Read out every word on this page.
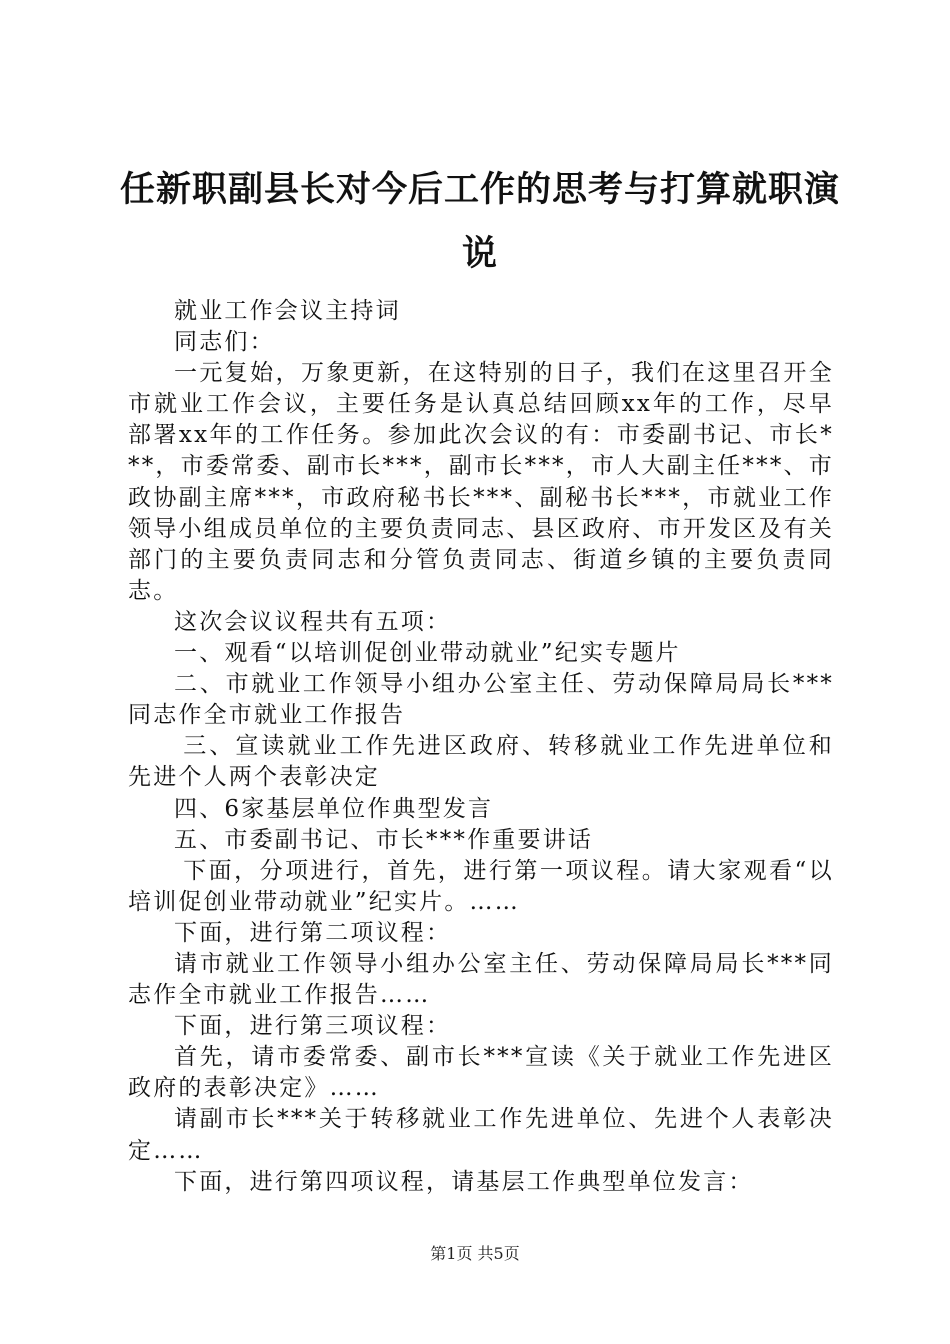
任新职副县长对今后工作的思考与打算就职演说

就业工作会议主持词

同志们：

一元复始，万象更新，在这特别的日子，我们在这里召开全市就业工作会议，主要任务是认真总结回顾xx年的工作，尽早部署xx年的工作任务。参加此次会议的有：市委副书记、市长***，市委常委、副市长***，副市长***，市人大副主任***、市政协副主席***，市政府秘书长***、副秘书长***，市就业工作领导小组成员单位的主要负责同志、县区政府、市开发区及有关部门的主要负责同志和分管负责同志、街道乡镇的主要负责同志。

这次会议议程共有五项：

一、观看“以培训促创业带动就业”纪实专题片

二、市就业工作领导小组办公室主任、劳动保障局局长***同志作全市就业工作报告

三、宣读就业工作先进区政府、转移就业工作先进单位和先进个人两个表彰决定

四、6家基层单位作典型发言

五、市委副书记、市长***作重要讲话

下面，分项进行，首先，进行第一项议程。请大家观看“以培训促创业带动就业”纪实片。……

下面，进行第二项议程：

请市就业工作领导小组办公室主任、劳动保障局局长***同志作全市就业工作报告……

下面，进行第三项议程：

首先，请市委常委、副市长***宣读《关于就业工作先进区政府的表彰决定》……

请副市长***关于转移就业工作先进单位、先进个人表彰决定……

下面，进行第四项议程，请基层工作典型单位发言：

第1页 共5页
